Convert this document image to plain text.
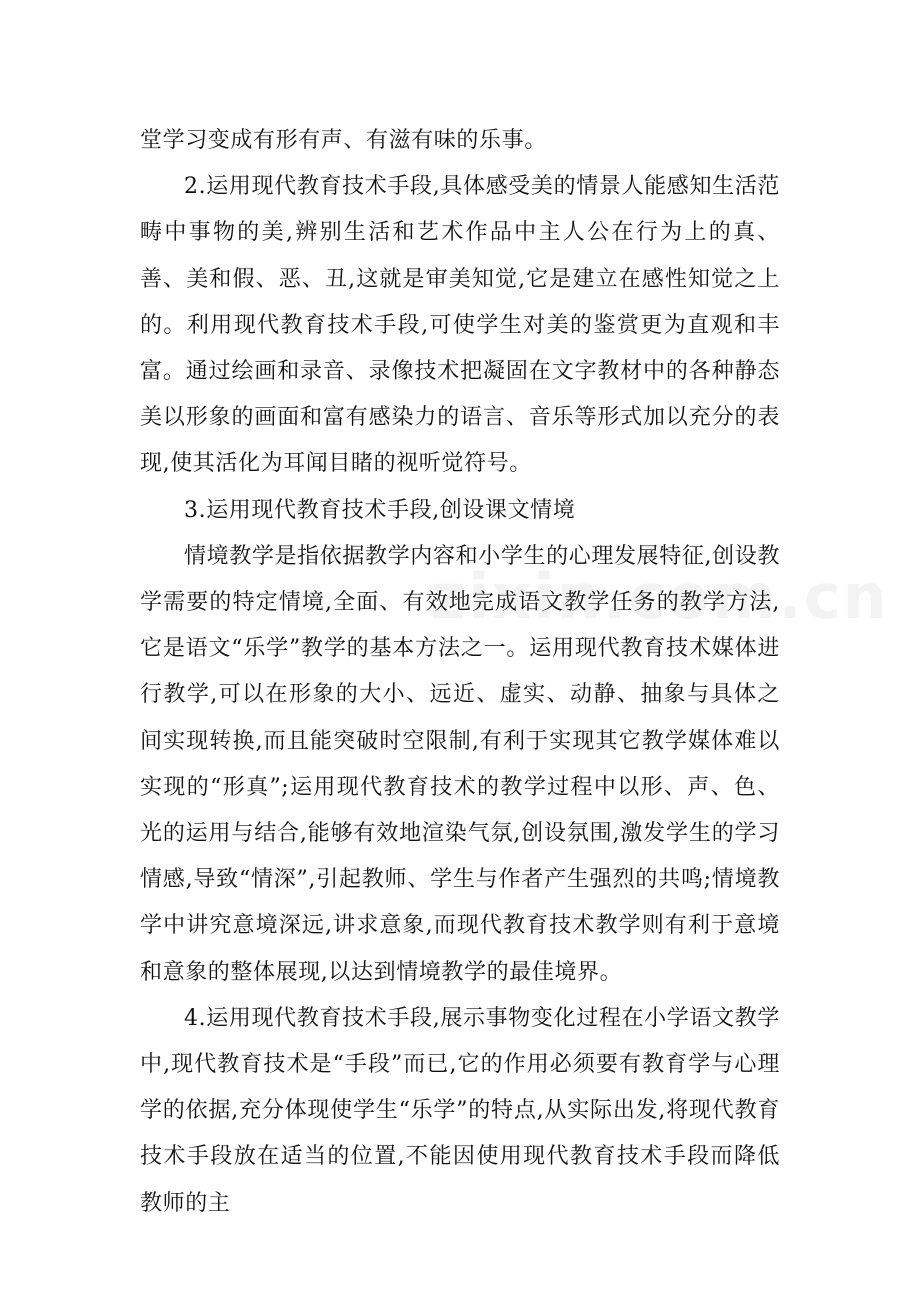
堂学习变成有形有声、有滋有味的乐事。

2.运用现代教育技术手段,具体感受美的情景人能感知生活范畴中事物的美,辨别生活和艺术作品中主人公在行为上的真、善、美和假、恶、丑,这就是审美知觉,它是建立在感性知觉之上的。利用现代教育技术手段,可使学生对美的鉴赏更为直观和丰富。通过绘画和录音、录像技术把凝固在文字教材中的各种静态美以形象的画面和富有感染力的语言、音乐等形式加以充分的表现,使其活化为耳闻目睹的视听觉符号。

3.运用现代教育技术手段,创设课文情境

情境教学是指依据教学内容和小学生的心理发展特征,创设教学需要的特定情境,全面、有效地完成语文教学任务的教学方法,它是语文“乐学”教学的基本方法之一。运用现代教育技术媒体进行教学,可以在形象的大小、远近、虚实、动静、抽象与具体之间实现转换,而且能突破时空限制,有利于实现其它教学媒体难以实现的“形真”;运用现代教育技术的教学过程中以形、声、色、光的运用与结合,能够有效地渲染气氛,创设氛围,激发学生的学习情感,导致“情深”,引起教师、学生与作者产生强烈的共鸣;情境教学中讲究意境深远,讲求意象,而现代教育技术教学则有利于意境和意象的整体展现,以达到情境教学的最佳境界。

4.运用现代教育技术手段,展示事物变化过程在小学语文教学中,现代教育技术是“手段”而已,它的作用必须要有教育学与心理学的依据,充分体现使学生“乐学”的特点,从实际出发,将现代教育技术手段放在适当的位置,不能因使用现代教育技术手段而降低教师的主
